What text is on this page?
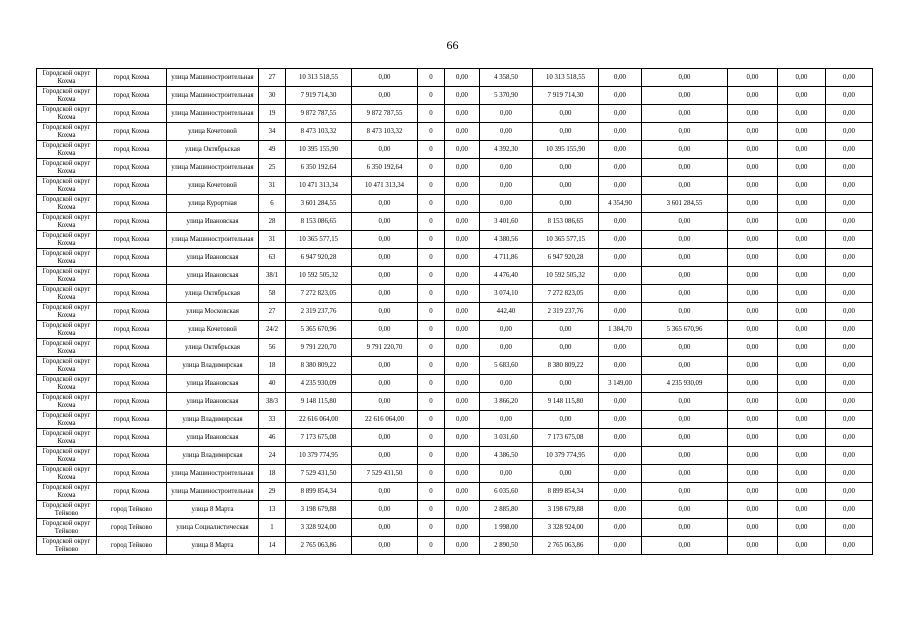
66
Городской округ Кохма	город Кохма	улица Машиностроительная	27	10 313 518,55	0,00	0	0,00	4 358,50	10 313 518,55	0,00	0,00	0,00	0,00	0,00
Городской округ Кохма	город Кохма	улица Машиностроительная	30	7 919 714,30	0,00	0	0,00	5 370,90	7 919 714,30	0,00	0,00	0,00	0,00	0,00
Городской округ Кохма	город Кохма	улица Машиностроительная	19	9 872 787,55	9 872 787,55	0	0,00	0,00	0,00	0,00	0,00	0,00	0,00	0,00
Городской округ Кохма	город Кохма	улица Кочетовой	34	8 473 103,32	8 473 103,32	0	0,00	0,00	0,00	0,00	0,00	0,00	0,00	0,00
Городской округ Кохма	город Кохма	улица Октябрьская	49	10 395 155,90	0,00	0	0,00	4 392,30	10 395 155,90	0,00	0,00	0,00	0,00	0,00
Городской округ Кохма	город Кохма	улица Машиностроительная	25	6 350 192,64	6 350 192,64	0	0,00	0,00	0,00	0,00	0,00	0,00	0,00	0,00
Городской округ Кохма	город Кохма	улица Кочетовой	31	10 471 313,34	10 471 313,34	0	0,00	0,00	0,00	0,00	0,00	0,00	0,00	0,00
Городской округ Кохма	город Кохма	улица Курортная	6	3 601 284,55	0,00	0	0,00	0,00	0,00	4 354,90	3 601 284,55	0,00	0,00	0,00
Городской округ Кохма	город Кохма	улица Ивановская	28	8 153 086,65	0,00	0	0,00	3 401,60	8 153 086,65	0,00	0,00	0,00	0,00	0,00
Городской округ Кохма	город Кохма	улица Машиностроительная	31	10 365 577,15	0,00	0	0,00	4 380,56	10 365 577,15	0,00	0,00	0,00	0,00	0,00
Городской округ Кохма	город Кохма	улица Ивановская	63	6 947 920,28	0,00	0	0,00	4 711,86	6 947 920,28	0,00	0,00	0,00	0,00	0,00
Городской округ Кохма	город Кохма	улица Ивановская	38/1	10 592 505,32	0,00	0	0,00	4 476,40	10 592 505,32	0,00	0,00	0,00	0,00	0,00
Городской округ Кохма	город Кохма	улица Октябрьская	58	7 272 823,05	0,00	0	0,00	3 074,10	7 272 823,05	0,00	0,00	0,00	0,00	0,00
Городской округ Кохма	город Кохма	улица Московская	27	2 319 237,76	0,00	0	0,00	442,40	2 319 237,76	0,00	0,00	0,00	0,00	0,00
Городской округ Кохма	город Кохма	улица Кочетовой	24/2	5 365 670,96	0,00	0	0,00	0,00	0,00	1 384,70	5 365 670,96	0,00	0,00	0,00
Городской округ Кохма	город Кохма	улица Октябрьская	56	9 791 220,70	9 791 220,70	0	0,00	0,00	0,00	0,00	0,00	0,00	0,00	0,00
Городской округ Кохма	город Кохма	улица Владимирская	18	8 380 809,22	0,00	0	0,00	5 683,60	8 380 809,22	0,00	0,00	0,00	0,00	0,00
Городской округ Кохма	город Кохма	улица Ивановская	40	4 235 930,09	0,00	0	0,00	0,00	0,00	3 149,00	4 235 930,09	0,00	0,00	0,00
Городской округ Кохма	город Кохма	улица Ивановская	38/3	9 148 115,80	0,00	0	0,00	3 866,20	9 148 115,80	0,00	0,00	0,00	0,00	0,00
Городской округ Кохма	город Кохма	улица Владимирская	33	22 616 064,00	22 616 064,00	0	0,00	0,00	0,00	0,00	0,00	0,00	0,00	0,00
Городской округ Кохма	город Кохма	улица Ивановская	46	7 173 675,08	0,00	0	0,00	3 031,60	7 173 675,08	0,00	0,00	0,00	0,00	0,00
Городской округ Кохма	город Кохма	улица Владимирская	24	10 379 774,95	0,00	0	0,00	4 386,50	10 379 774,95	0,00	0,00	0,00	0,00	0,00
Городской округ Кохма	город Кохма	улица Машиностроительная	18	7 529 431,50	7 529 431,50	0	0,00	0,00	0,00	0,00	0,00	0,00	0,00	0,00
Городской округ Кохма	город Кохма	улица Машиностроительная	29	8 899 854,34	0,00	0	0,00	6 035,60	8 899 854,34	0,00	0,00	0,00	0,00	0,00
Городской округ Тейково	город Тейково	улица 8 Марта	13	3 198 679,88	0,00	0	0,00	2 885,80	3 198 679,88	0,00	0,00	0,00	0,00	0,00
Городской округ Тейково	город Тейково	улица Социалистическая	1	3 328 924,00	0,00	0	0,00	1 998,00	3 328 924,00	0,00	0,00	0,00	0,00	0,00
Городской округ Тейково	город Тейково	улица 8 Марта	14	2 765 063,86	0,00	0	0,00	2 890,50	2 765 063,86	0,00	0,00	0,00	0,00	0,00
